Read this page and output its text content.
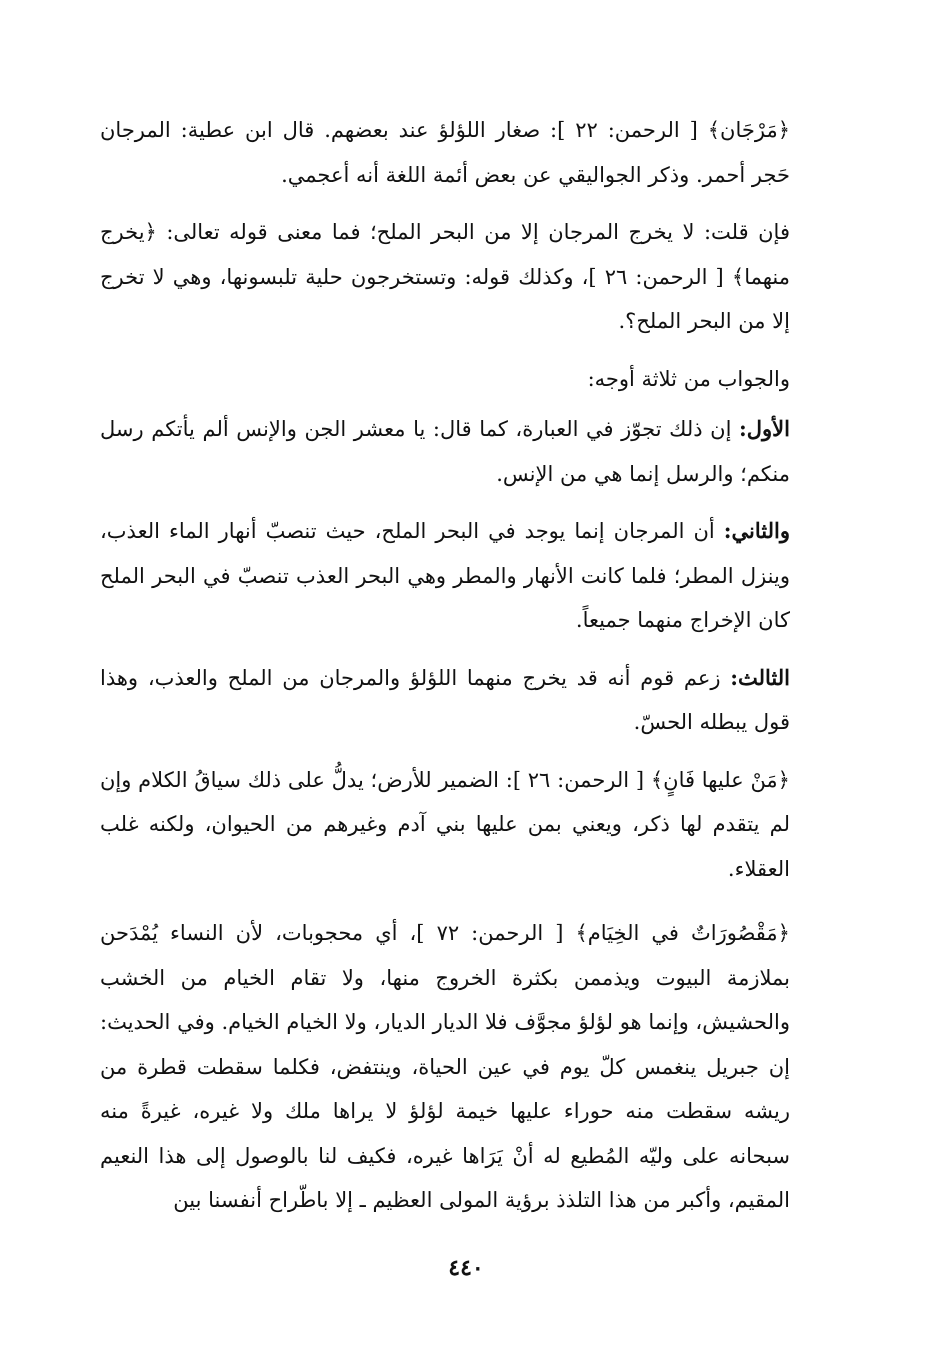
﴿مَرْجَان﴾ [ الرحمن: ٢٢ ]: صغار اللؤلؤ عند بعضهم. قال ابن عطية: المرجان حَجر أحمر. وذكر الجواليقي عن بعض أئمة اللغة أنه أعجمي.

فإن قلت: لا يخرج المرجان إلا من البحر الملح؛ فما معنى قوله تعالى: ﴿يخرج منهما﴾ [ الرحمن: ٢٦ ]، وكذلك قوله: وتستخرجون حلية تلبسونها، وهي لا تخرج إلا من البحر الملح؟.

والجواب من ثلاثة أوجه:

الأول: إن ذلك تجوّز في العبارة، كما قال: يا معشر الجن والإنس ألم يأتكم رسل منكم؛ والرسل إنما هي من الإنس.

والثاني: أن المرجان إنما يوجد في البحر الملح، حيث تنصبّ أنهار الماء العذب، وينزل المطر؛ فلما كانت الأنهار والمطر وهي البحر العذب تنصبّ في البحر الملح كان الإخراج منهما جميعاً.

الثالث: زعم قوم أنه قد يخرج منهما اللؤلؤ والمرجان من الملح والعذب، وهذا قول يبطله الحسّ.

﴿مَنْ عليها فَانٍ﴾ [ الرحمن: ٢٦ ]: الضمير للأرض؛ يدلُّ على ذلك سياقُ الكلام وإن لم يتقدم لها ذكر، ويعني بمن عليها بني آدم وغيرهم من الحيوان، ولكنه غلب العقلاء.

﴿مَقْصُورَاتٌ في الخِيَام﴾ [ الرحمن: ٧٢ ]، أي محجوبات، لأن النساء يُمْدَحن بملازمة البيوت ويذممن بكثرة الخروج منها، ولا تقام الخيام من الخشب والحشيش، وإنما هو لؤلؤ مجوَّف فلا الديار الديار، ولا الخيام الخيام. وفي الحديث: إن جبريل ينغمس كلّ يوم في عين الحياة، وينتفض، فكلما سقطت قطرة من ريشه سقطت منه حوراء عليها خيمة لؤلؤ لا يراها ملك ولا غيره، غيرةً منه سبحانه على وليّه المُطيع له أنْ يَرَاها غيره، فكيف لنا بالوصول إلى هذا النعيم المقيم، وأكبر من هذا التلذذ برؤية المولى العظيم ـ إلا باطّراح أنفسنا بين

٤٤٠
